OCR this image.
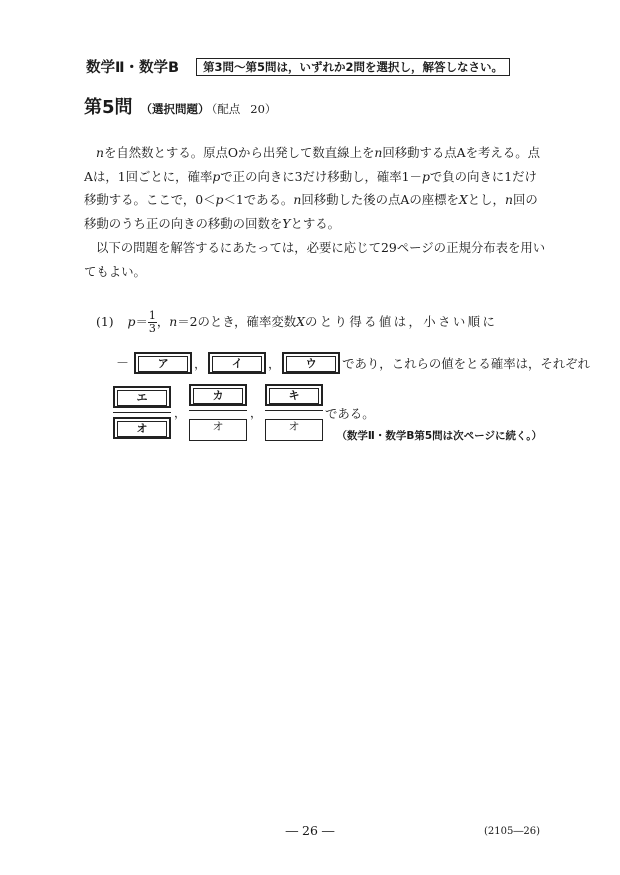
数学Ⅱ・数学B	第3問～第5問は，いずれか2問を選択し，解答しなさい。
第5問 （選択問題） （配点 20）
nを自然数とする。原点Oから出発して数直線上をn回移動する点Aを考える。点Aは，1回ごとに，確率pで正の向きに3だけ移動し，確率1－pで負の向きに1だけ移動する。ここで，0＜p＜1である。n回移動した後の点Aの座標をXとし，n回の移動のうち正の向きの移動の回数をYとする。
以下の問題を解答するにあたっては，必要に応じて29ページの正規分布表を用いてもよい。
(1) $p= \frac{1}{3}$ ，n＝2のとき，確率変数Xのとり得る値は，小さい順に
－	ア	，	イ	，	ウ	であり，これらの値をとる確率は，それぞれ
エ
オ
，
カ
オ
，
キ
オ
である。
（数学Ⅱ・数学B第5問は次ページに続く。）
― 26 ―	(2105―26)
